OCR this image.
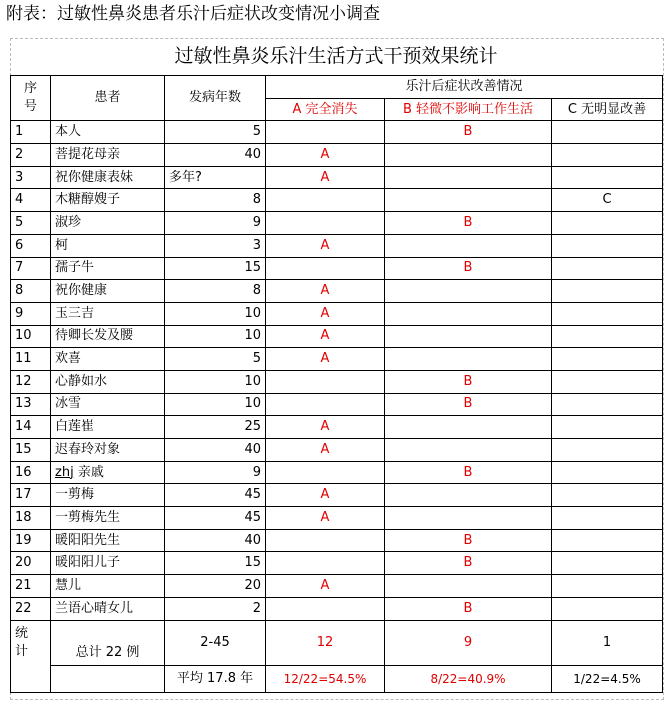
附表：过敏性鼻炎患者乐汁后症状改变情况小调查
过敏性鼻炎乐汁生活方式干预效果统计
序
号	患者	发病年数	乐汁后症状改善情况		
			A 完全消失	B 轻微不影响工作生活	C 无明显改善
1	本人	5		B	
2	菩提花母亲	40	A		
3	祝你健康表妹	多年?	A		
4	木糖醇嫂子	8			C
5	淑珍	9		B	
6	柯	3	A		
7	孺子牛	15		B	
8	祝你健康	8	A		
9	玉三吉	10	A		
10	待卿长发及腰	10	A		
11	欢喜	5	A		
12	心静如水	10		B	
13	冰雪	10		B	
14	白莲崔	25	A		
15	迟春玲对象	40	A		
16	zhj 亲戚	9		B	
17	一剪梅	45	A		
18	一剪梅先生	45	A		
19	暖阳阳先生	40		B	
20	暖阳阳儿子	15		B	
21	慧儿	20	A		
22	兰语心晴女儿	2		B	
统
计	总计 22 例	2-45	12	9	1
		平均 17.8 年	12/22=54.5%	8/22=40.9%	1/22=4.5%
